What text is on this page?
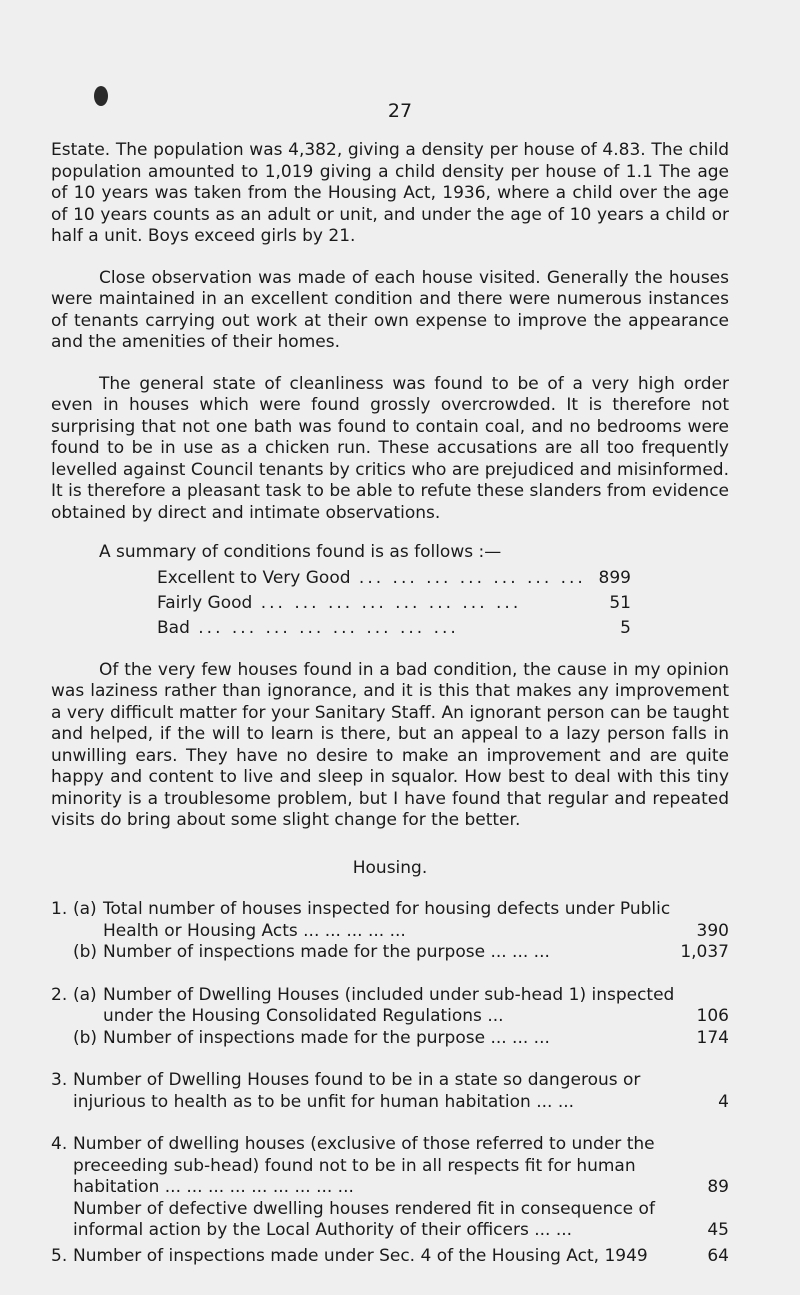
27

Estate. The population was 4,382, giving a density per house of 4.83. The child population amounted to 1,019 giving a child density per house of 1.1 The age of 10 years was taken from the Housing Act, 1936, where a child over the age of 10 years counts as an adult or unit, and under the age of 10 years a child or half a unit. Boys exceed girls by 21.

Close observation was made of each house visited. Generally the houses were maintained in an excellent condition and there were numerous instances of tenants carrying out work at their own expense to improve the appearance and the amenities of their homes.

The general state of cleanliness was found to be of a very high order even in houses which were found grossly overcrowded. It is therefore not surprising that not one bath was found to contain coal, and no bedrooms were found to be in use as a chicken run. These accusations are all too frequently levelled against Council tenants by critics who are prejudiced and misinformed. It is therefore a pleasant task to be able to refute these slanders from evidence obtained by direct and intimate observations.

A summary of conditions found is as follows :—
Excellent to Very Good ... .	899
Fairly Good ... .	51
Bad ... .	5

Of the very few houses found in a bad condition, the cause in my opinion was laziness rather than ignorance, and it is this that makes any improvement a very difficult matter for your Sanitary Staff. An ignorant person can be taught and helped, if the will to learn is there, but an appeal to a lazy person falls in unwilling ears. They have no desire to make an improvement and are quite happy and content to live and sleep in squalor. How best to deal with this tiny minority is a troublesome problem, but I have found that regular and repeated visits do bring about some slight change for the better.

Housing.
1. (a) Total number of houses inspected for housing defects under Public Health or Housing Acts ... ... ... ... ...	390
(b) Number of inspections made for the purpose ... ... ...	1,037
2. (a) Number of Dwelling Houses (included under sub-head 1) inspected under the Housing Consolidated Regulations ...	106
(b) Number of inspections made for the purpose ... ... ...	174
3. Number of Dwelling Houses found to be in a state so dangerous or injurious to health as to be unfit for human habitation ... ...	4
4. Number of dwelling houses (exclusive of those referred to under the preceeding sub-head) found not to be in all respects fit for human habitation ... ... ... ... ... ... ... ... ...	89
Number of defective dwelling houses rendered fit in consequence of informal action by the Local Authority of their officers ... ...	45
5. Number of inspections made under Sec. 4 of the Housing Act, 1949	64
